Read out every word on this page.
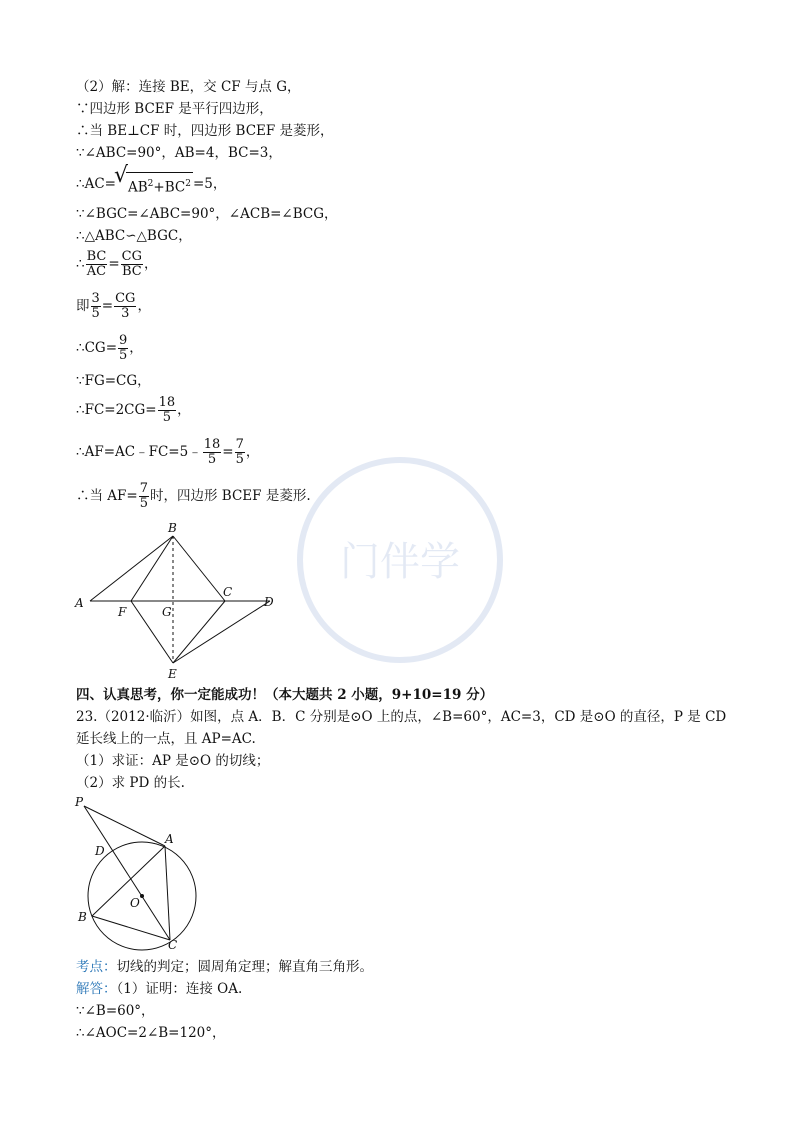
门伴学
（2）解：连接 BE，交 CF 与点 G，
∵四边形 BCEF 是平行四边形，
∴当 BE⊥CF 时，四边形 BCEF 是菱形，
∵∠ABC=90°，AB=4，BC=3，
∴AC=√ $AB^2+BC^2 =5$，
∵∠BGC=∠ABC=90°，∠ACB=∠BCG，
∴△ABC∽△BGC，
∴ $\frac{BC}{AC} = \frac{CG}{BC}$ ，
即 $\frac{3}{5} = \frac{CG}{3}$ ，
∴CG= $\frac{9}{5}$ ，
∵FG=CG，
∴FC=2CG= $\frac{18}{5}$ ，
∴AF=AC﹣FC=5﹣ $\frac{18}{5} = \frac{7}{5}$ ，
∴当 $AF= \frac{7}{5}$ 时，四边形 BCEF 是菱形.
B
A
F	G
C
D
E
四、认真思考，你一定能成功！（本大题共 2 小题，9+10=19 分）
23.（2012·临沂）如图，点 A．B．C 分别是⊙O 上的点，∠B=60°，AC=3，CD 是⊙O 的直径，P 是 CD
延长线上的一点，且 AP=AC.
（1）求证：AP 是⊙O 的切线；
（2）求 PD 的长.
P
A
D
O
B
C
考点：切线的判定；圆周角定理；解直角三角形。
解答：（1）证明：连接 OA.
∵∠B=60°，
∴∠AOC=2∠B=120°，
